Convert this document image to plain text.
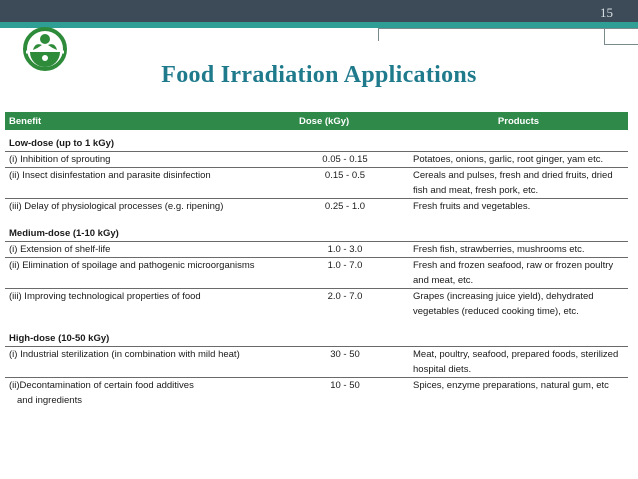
15
Food Irradiation Applications
Benefit	Dose (kGy)	Products
Low-dose (up to 1 kGy)		

(i) Inhibition of sprouting	0.05 - 0.15	Potatoes, onions, garlic, root ginger, yam etc.

(ii) Insect disinfestation and parasite disinfection	0.15 - 0.5	Cereals and pulses, fresh and dried fruits, dried
fish and meat, fresh pork, etc.

(iii) Delay of physiological processes (e.g. ripening)	0.25 - 1.0	Fresh fruits and vegetables.

Medium-dose (1-10 kGy)		

(i) Extension of shelf-life	1.0 - 3.0	Fresh fish, strawberries, mushrooms etc.

(ii) Elimination of spoilage and pathogenic microorganisms	1.0 - 7.0	Fresh and frozen seafood, raw or frozen poultry
and meat, etc.

(iii) Improving technological properties of food	2.0 - 7.0	Grapes (increasing juice yield), dehydrated
vegetables (reduced cooking time), etc.

High-dose (10-50 kGy)		

(i) Industrial sterilization (in combination with mild heat)	30 - 50	Meat, poultry, seafood, prepared foods, sterilized
hospital diets.

(ii)Decontamination of certain food additives
and ingredients	10 - 50	Spices, enzyme preparations, natural gum, etc
